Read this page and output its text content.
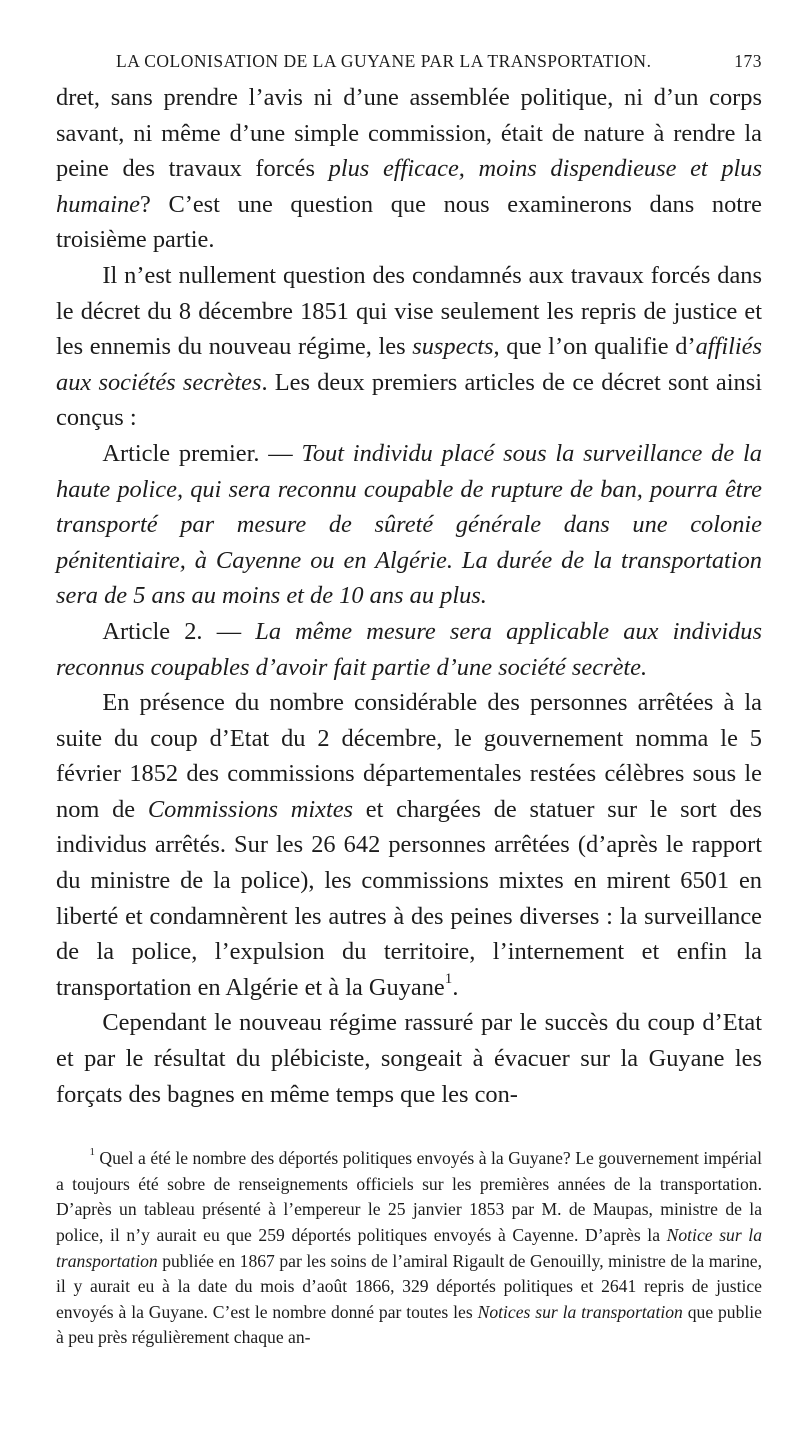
LA COLONISATION DE LA GUYANE PAR LA TRANSPORTATION.	173

dret, sans prendre l’avis ni d’une assemblée politique, ni d’un corps savant, ni même d’une simple commission, était de nature à rendre la peine des travaux forcés plus efficace, moins dispendieuse et plus humaine? C’est une question que nous examinerons dans notre troisième partie.

Il n’est nullement question des condamnés aux travaux forcés dans le décret du 8 décembre 1851 qui vise seulement les repris de justice et les ennemis du nouveau régime, les suspects, que l’on qualifie d’affiliés aux sociétés secrètes. Les deux premiers articles de ce décret sont ainsi conçus :

Article premier. — Tout individu placé sous la surveillance de la haute police, qui sera reconnu coupable de rupture de ban, pourra être transporté par mesure de sûreté générale dans une colonie pénitentiaire, à Cayenne ou en Algérie. La durée de la transportation sera de 5 ans au moins et de 10 ans au plus.

Article 2. — La même mesure sera applicable aux individus reconnus coupables d’avoir fait partie d’une société secrète.

En présence du nombre considérable des personnes arrêtées à la suite du coup d’Etat du 2 décembre, le gouvernement nomma le 5 février 1852 des commissions départementales restées célèbres sous le nom de Commissions mixtes et chargées de statuer sur le sort des individus arrêtés. Sur les 26 642 personnes arrêtées (d’après le rapport du ministre de la police), les commissions mixtes en mirent 6501 en liberté et condamnèrent les autres à des peines diverses : la surveillance de la police, l’expulsion du territoire, l’internement et enfin la transportation en Algérie et à la Guyane$^1$.

Cependant le nouveau régime rassuré par le succès du coup d’Etat et par le résultat du plébiciste, songeait à évacuer sur la Guyane les forçats des bagnes en même temps que les con-

$^1$ Quel a été le nombre des déportés politiques envoyés à la Guyane? Le gouvernement impérial a toujours été sobre de renseignements officiels sur les premières années de la transportation. D’après un tableau présenté à l’empereur le 25 janvier 1853 par M. de Maupas, ministre de la police, il n’y aurait eu que 259 déportés politiques envoyés à Cayenne. D’après la Notice sur la transportation publiée en 1867 par les soins de l’amiral Rigault de Genouilly, ministre de la marine, il y aurait eu à la date du mois d’août 1866, 329 déportés politiques et 2641 repris de justice envoyés à la Guyane. C’est le nombre donné par toutes les Notices sur la transportation que publie à peu près régulièrement chaque an-
